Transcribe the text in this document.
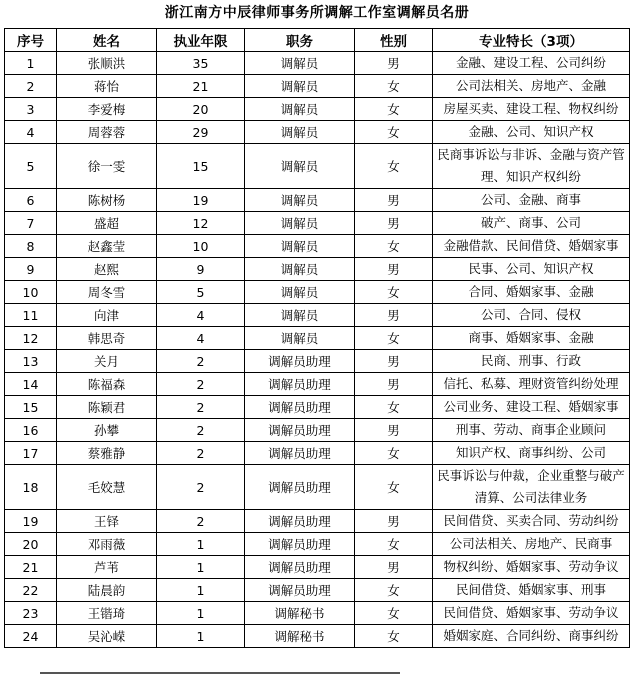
浙江南方中辰律师事务所调解工作室调解员名册
序号	姓名	执业年限	职务	性别	专业特长（3项）
1	张顺洪	35	调解员	男	金融、建设工程、公司纠纷
2	蒋怡	21	调解员	女	公司法相关、房地产、金融
3	李爱梅	20	调解员	女	房屋买卖、建设工程、物权纠纷
4	周蓉蓉	29	调解员	女	金融、公司、知识产权
5	徐一雯	15	调解员	女	民商事诉讼与非诉、金融与资产管理、知识产权纠纷
6	陈树杨	19	调解员	男	公司、金融、商事
7	盛超	12	调解员	男	破产、商事、公司
8	赵鑫莹	10	调解员	女	金融借款、民间借贷、婚姻家事
9	赵熙	9	调解员	男	民事、公司、知识产权
10	周冬雪	5	调解员	女	合同、婚姻家事、金融
11	向津	4	调解员	男	公司、合同、侵权
12	韩思奇	4	调解员	女	商事、婚姻家事、金融
13	关月	2	调解员助理	男	民商、刑事、行政
14	陈福森	2	调解员助理	男	信托、私募、理财资管纠纷处理
15	陈颖君	2	调解员助理	女	公司业务、建设工程、婚姻家事
16	孙攀	2	调解员助理	男	刑事、劳动、商事企业顾问
17	蔡雅静	2	调解员助理	女	知识产权、商事纠纷、公司
18	毛姣慧	2	调解员助理	女	民事诉讼与仲裁，企业重整与破产清算、公司法律业务
19	王铎	2	调解员助理	男	民间借贷、买卖合同、劳动纠纷
20	邓雨薇	1	调解员助理	女	公司法相关、房地产、民商事
21	芦苇	1	调解员助理	男	物权纠纷、婚姻家事、劳动争议
22	陆晨韵	1	调解员助理	女	民间借贷、婚姻家事、刑事
23	王锴琦	1	调解秘书	女	民间借贷、婚姻家事、劳动争议
24	吴沁嵘	1	调解秘书	女	婚姻家庭、合同纠纷、商事纠纷
